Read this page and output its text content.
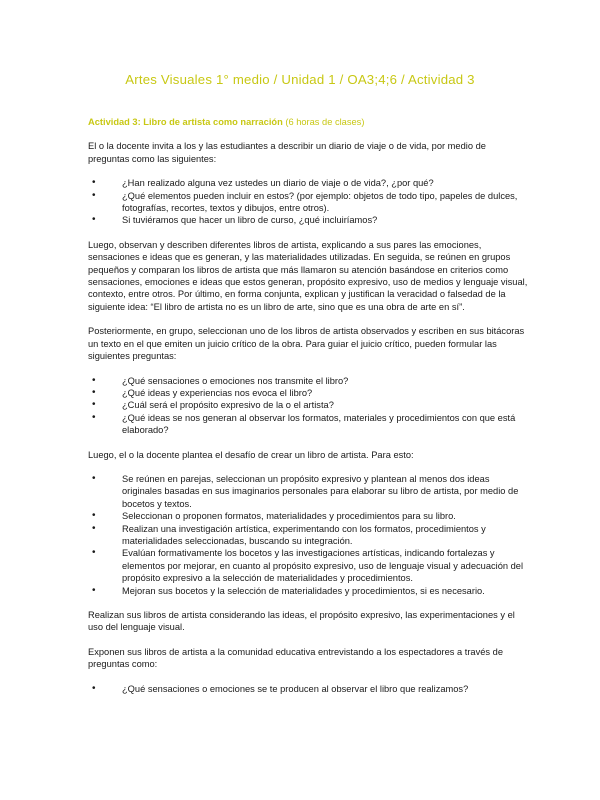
Artes Visuales 1° medio / Unidad 1 / OA3;4;6 / Actividad 3
Actividad 3: Libro de artista como narración (6 horas de clases)

El o la docente invita a los y las estudiantes a describir un diario de viaje o de vida, por medio de preguntas como las siguientes:

• ¿Han realizado alguna vez ustedes un diario de viaje o de vida?, ¿por qué?
• ¿Qué elementos pueden incluir en estos? (por ejemplo: objetos de todo tipo, papeles de dulces, fotografías, recortes, textos y dibujos, entre otros).
• Si tuviéramos que hacer un libro de curso, ¿qué incluiríamos?

Luego, observan y describen diferentes libros de artista, explicando a sus pares las emociones, sensaciones e ideas que es generan, y las materialidades utilizadas. En seguida, se reúnen en grupos pequeños y comparan los libros de artista que más llamaron su atención basándose en criterios como sensaciones, emociones e ideas que estos generan, propósito expresivo, uso de medios y lenguaje visual, contexto, entre otros. Por último, en forma conjunta, explican y justifican la veracidad o falsedad de la siguiente idea: “El libro de artista no es un libro de arte, sino que es una obra de arte en sí”.

Posteriormente, en grupo, seleccionan uno de los libros de artista observados y escriben en sus bitácoras un texto en el que emiten un juicio crítico de la obra. Para guiar el juicio crítico, pueden formular las siguientes preguntas:

• ¿Qué sensaciones o emociones nos transmite el libro?
• ¿Qué ideas y experiencias nos evoca el libro?
• ¿Cuál será el propósito expresivo de la o el artista?
• ¿Qué ideas se nos generan al observar los formatos, materiales y procedimientos con que está elaborado?

Luego, el o la docente plantea el desafío de crear un libro de artista. Para esto:

• Se reúnen en parejas, seleccionan un propósito expresivo y plantean al menos dos ideas originales basadas en sus imaginarios personales para elaborar su libro de artista, por medio de bocetos y textos.
• Seleccionan o proponen formatos, materialidades y procedimientos para su libro.
• Realizan una investigación artística, experimentando con los formatos, procedimientos y materialidades seleccionadas, buscando su integración.
• Evalúan formativamente los bocetos y las investigaciones artísticas, indicando fortalezas y elementos por mejorar, en cuanto al propósito expresivo, uso de lenguaje visual y adecuación del propósito expresivo a la selección de materialidades y procedimientos.
• Mejoran sus bocetos y la selección de materialidades y procedimientos, si es necesario.

Realizan sus libros de artista considerando las ideas, el propósito expresivo, las experimentaciones y el uso del lenguaje visual.

Exponen sus libros de artista a la comunidad educativa entrevistando a los espectadores a través de preguntas como:

• ¿Qué sensaciones o emociones se te producen al observar el libro que realizamos?
